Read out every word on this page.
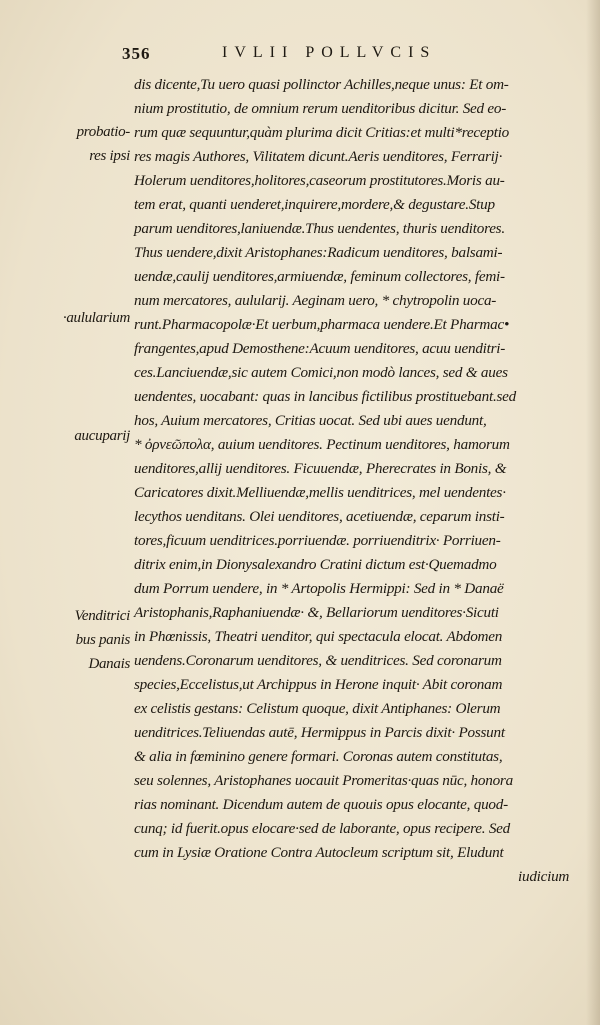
356	IVLII POLLVCIS
probatio-
res ipsi
·aulularium
aucuparij
Venditrici
bus panis
Danais
dis dicente,Tu uero quasi pollinctor Achilles,neque unus: Et om-
nium prostitutio, de omnium rerum uenditoribus dicitur. Sed eo-
rum quæ sequuntur,quàm plurima dicit Critias:et multi*receptio
res magis Authores, Vilitatem dicunt.Aeris uenditores, Ferrarij·
Holerum uenditores,holitores,caseorum prostitutores.Moris au-
tem erat, quanti uenderet,inquirere,mordere,& degustare.Stup
parum uenditores,laniuendæ.Thus uendentes, thuris uenditores.
Thus uendere,dixit Aristophanes:Radicum uenditores, balsami-
uendæ,caulij uenditores,armiuendæ, feminum collectores, femi-
num mercatores, aulularij. Aeginam uero, * chytropolin uoca-
runt.Pharmacopolæ·Et uerbum,pharmaca uendere.Et Pharmac•
frangentes,apud Demosthene:Acuum uenditores, acuu uenditri-
ces.Lanciuendæ,sic autem Comici,non modò lances, sed & aues
uendentes, uocabant: quas in lancibus fictilibus prostituebant.sed
hos, Auium mercatores, Critias uocat. Sed ubi aues uendunt,
* ὀρνεῶπολα, auium uenditores. Pectinum uenditores, hamorum
uenditores,allij uenditores. Ficuuendæ, Pherecrates in Bonis, &
Caricatores dixit.Melliuendæ,mellis uenditrices, mel uendentes·
lecythos uenditans. Olei uenditores, acetiuendæ, ceparum insti-
tores,ficuum uenditrices.porriuendæ. porriuenditrix· Porriuen-
ditrix enim,in Dionysalexandro Cratini dictum est·Quemadmo
dum Porrum uendere, in * Artopolis Hermippi: Sed in * Danaë
Aristophanis,Raphaniuendæ· &, Bellariorum uenditores·Sicuti
in Phœnissis, Theatri uenditor, qui spectacula elocat. Abdomen
uendens.Coronarum uenditores, & uenditrices. Sed coronarum
species,Eccelistus,ut Archippus in Herone inquit· Abit coronam
ex celistis gestans: Celistum quoque, dixit Antiphanes: Olerum
uenditrices.Teliuendas autē, Hermippus in Parcis dixit· Possunt
& alia in fœminino genere formari. Coronas autem constitutas,
seu solennes, Aristophanes uocauit Promeritas·quas nūc, honora
rias nominant. Dicendum autem de quouis opus elocante, quod-
cunq; id fuerit.opus elocare·sed de laborante, opus recipere. Sed
cum in Lysiæ Oratione Contra Autocleum scriptum sit, Eludunt
iudicium
